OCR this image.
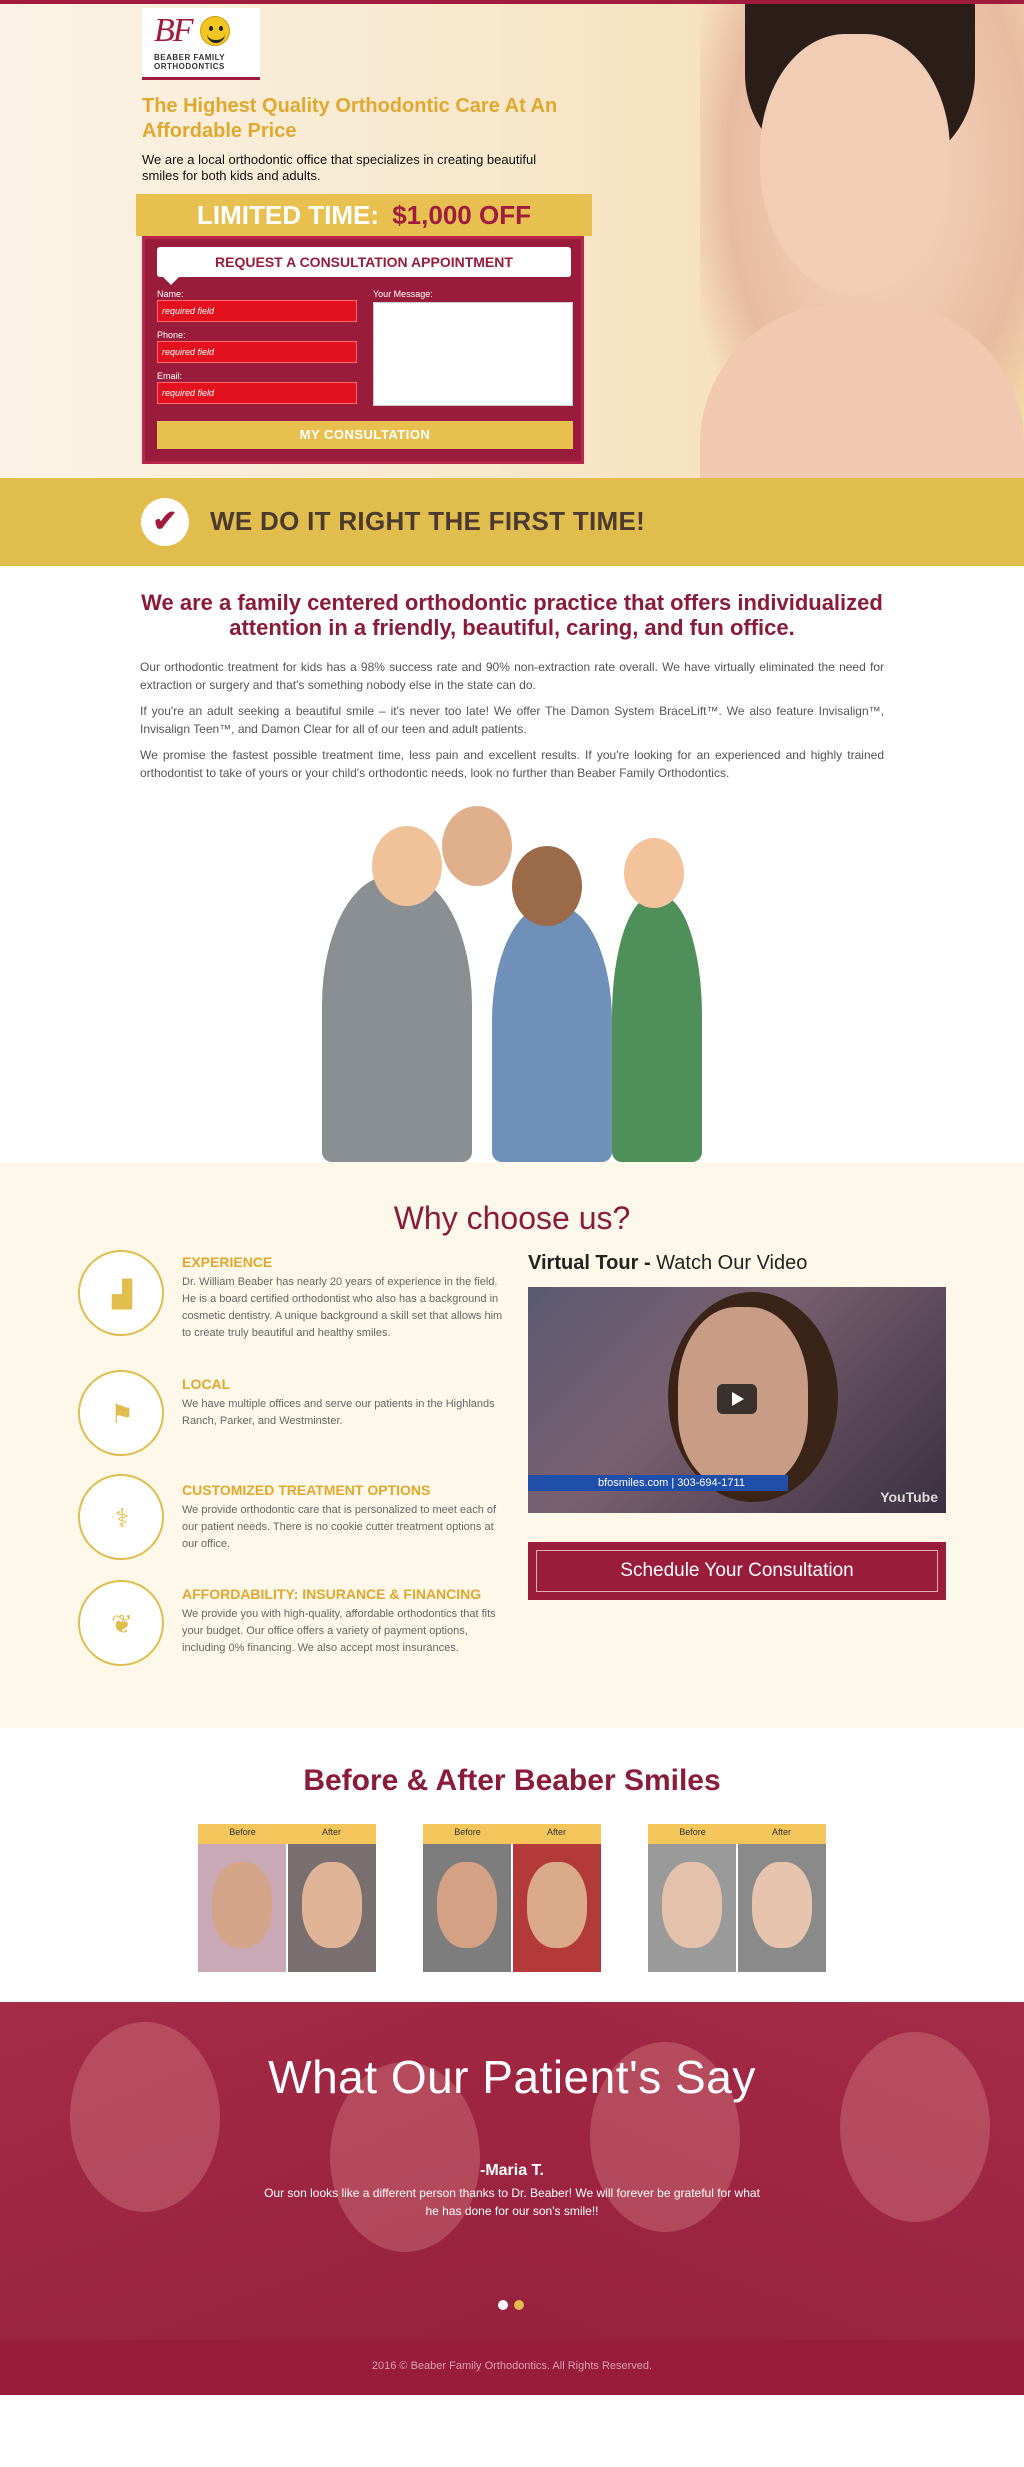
BF
BEABER FAMILY
ORTHODONTICS
The Highest Quality Orthodontic Care At An Affordable Price

We are a local orthodontic office that specializes in creating beautiful smiles for both kids and adults.

LIMITED TIME: $1,000 OFF
REQUEST A CONSULTATION APPOINTMENT
Name:
required field
Phone:
required field
Email:
required field
Your Message:
MY CONSULTATION
✔	WE DO IT RIGHT THE FIRST TIME!
We are a family centered orthodontic practice that offers individualized attention in a friendly, beautiful, caring, and fun office.

Our orthodontic treatment for kids has a 98% success rate and 90% non-extraction rate overall. We have virtually eliminated the need for extraction or surgery and that's something nobody else in the state can do.

If you're an adult seeking a beautiful smile – it's never too late! We offer The Damon System BraceLift™. We also feature Invisalign™, Invisalign Teen™, and Damon Clear for all of our teen and adult patients.

We promise the fastest possible treatment time, less pain and excellent results. If you're looking for an experienced and highly trained orthodontist to take of yours or your child's orthodontic needs, look no further than Beaber Family Orthodontics.

Why choose us?
▟
EXPERIENCE
Dr. William Beaber has nearly 20 years of experience in the field. He is a board certified orthodontist who also has a background in cosmetic dentistry. A unique background a skill set that allows him to create truly beautiful and healthy smiles.
⚑
LOCAL
We have multiple offices and serve our patients in the Highlands Ranch, Parker, and Westminster.
⚕
CUSTOMIZED TREATMENT OPTIONS
We provide orthodontic care that is personalized to meet each of our patient needs. There is no cookie cutter treatment options at our office.
❦
AFFORDABILITY: INSURANCE & FINANCING
We provide you with high-quality, affordable orthodontics that fits your budget. Our office offers a variety of payment options, including 0% financing. We also accept most insurances.
Virtual Tour - Watch Our Video
bfosmiles.com | 303-694-1711
YouTube
Schedule Your Consultation
Before & After Beaber Smiles
Before	After	Before	After	Before	After
What Our Patient's Say
-Maria T.

Our son looks like a different person thanks to Dr. Beaber! We will forever be grateful for what he has done for our son's smile!!

2016 © Beaber Family Orthodontics. All Rights Reserved.
